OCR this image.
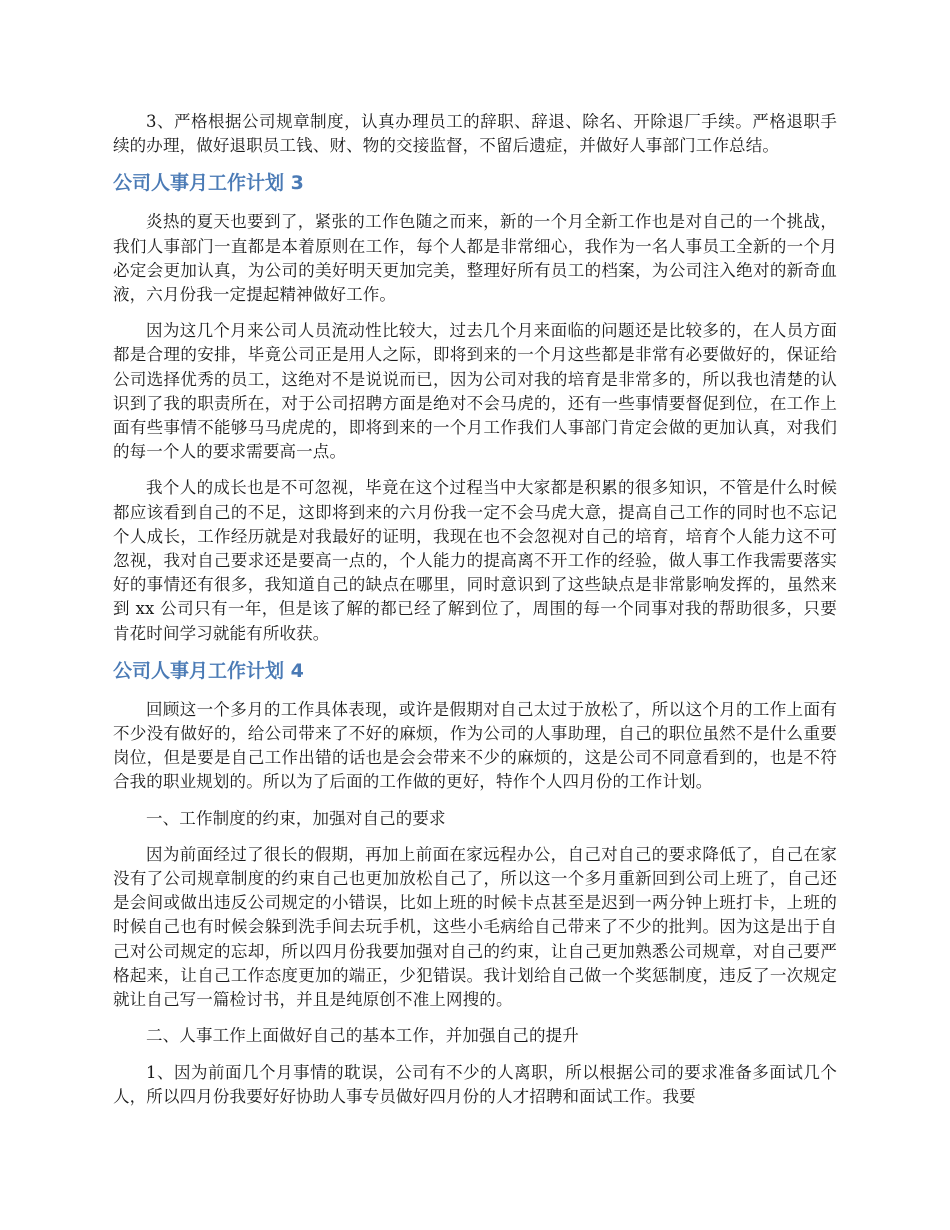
3、严格根据公司规章制度，认真办理员工的辞职、辞退、除名、开除退厂手续。严格退职手续的办理，做好退职员工钱、财、物的交接监督，不留后遗症，并做好人事部门工作总结。

公司人事月工作计划 3

炎热的夏天也要到了，紧张的工作色随之而来，新的一个月全新工作也是对自己的一个挑战，我们人事部门一直都是本着原则在工作，每个人都是非常细心，我作为一名人事员工全新的一个月必定会更加认真，为公司的美好明天更加完美，整理好所有员工的档案，为公司注入绝对的新奇血液，六月份我一定提起精神做好工作。

因为这几个月来公司人员流动性比较大，过去几个月来面临的问题还是比较多的，在人员方面都是合理的安排，毕竟公司正是用人之际，即将到来的一个月这些都是非常有必要做好的，保证给公司选择优秀的员工，这绝对不是说说而已，因为公司对我的培育是非常多的，所以我也清楚的认识到了我的职责所在，对于公司招聘方面是绝对不会马虎的，还有一些事情要督促到位，在工作上面有些事情不能够马马虎虎的，即将到来的一个月工作我们人事部门肯定会做的更加认真，对我们的每一个人的要求需要高一点。

我个人的成长也是不可忽视，毕竟在这个过程当中大家都是积累的很多知识，不管是什么时候都应该看到自己的不足，这即将到来的六月份我一定不会马虎大意，提高自己工作的同时也不忘记个人成长，工作经历就是对我最好的证明，我现在也不会忽视对自己的培育，培育个人能力这不可忽视，我对自己要求还是要高一点的，个人能力的提高离不开工作的经验，做人事工作我需要落实好的事情还有很多，我知道自己的缺点在哪里，同时意识到了这些缺点是非常影响发挥的，虽然来到 xx 公司只有一年，但是该了解的都已经了解到位了，周围的每一个同事对我的帮助很多，只要肯花时间学习就能有所收获。

公司人事月工作计划 4

回顾这一个多月的工作具体表现，或许是假期对自己太过于放松了，所以这个月的工作上面有不少没有做好的，给公司带来了不好的麻烦，作为公司的人事助理，自己的职位虽然不是什么重要岗位，但是要是自己工作出错的话也是会会带来不少的麻烦的，这是公司不同意看到的，也是不符合我的职业规划的。所以为了后面的工作做的更好，特作个人四月份的工作计划。

一、工作制度的约束，加强对自己的要求

因为前面经过了很长的假期，再加上前面在家远程办公，自己对自己的要求降低了，自己在家没有了公司规章制度的约束自己也更加放松自己了，所以这一个多月重新回到公司上班了，自己还是会间或做出违反公司规定的小错误，比如上班的时候卡点甚至是迟到一两分钟上班打卡，上班的时候自己也有时候会躲到洗手间去玩手机，这些小毛病给自己带来了不少的批判。因为这是出于自己对公司规定的忘却，所以四月份我要加强对自己的约束，让自己更加熟悉公司规章，对自己要严格起来，让自己工作态度更加的端正，少犯错误。我计划给自己做一个奖惩制度，违反了一次规定就让自己写一篇检讨书，并且是纯原创不准上网搜的。

二、人事工作上面做好自己的基本工作，并加强自己的提升

1、因为前面几个月事情的耽误，公司有不少的人离职，所以根据公司的要求准备多面试几个人，所以四月份我要好好协助人事专员做好四月份的人才招聘和面试工作。我要
